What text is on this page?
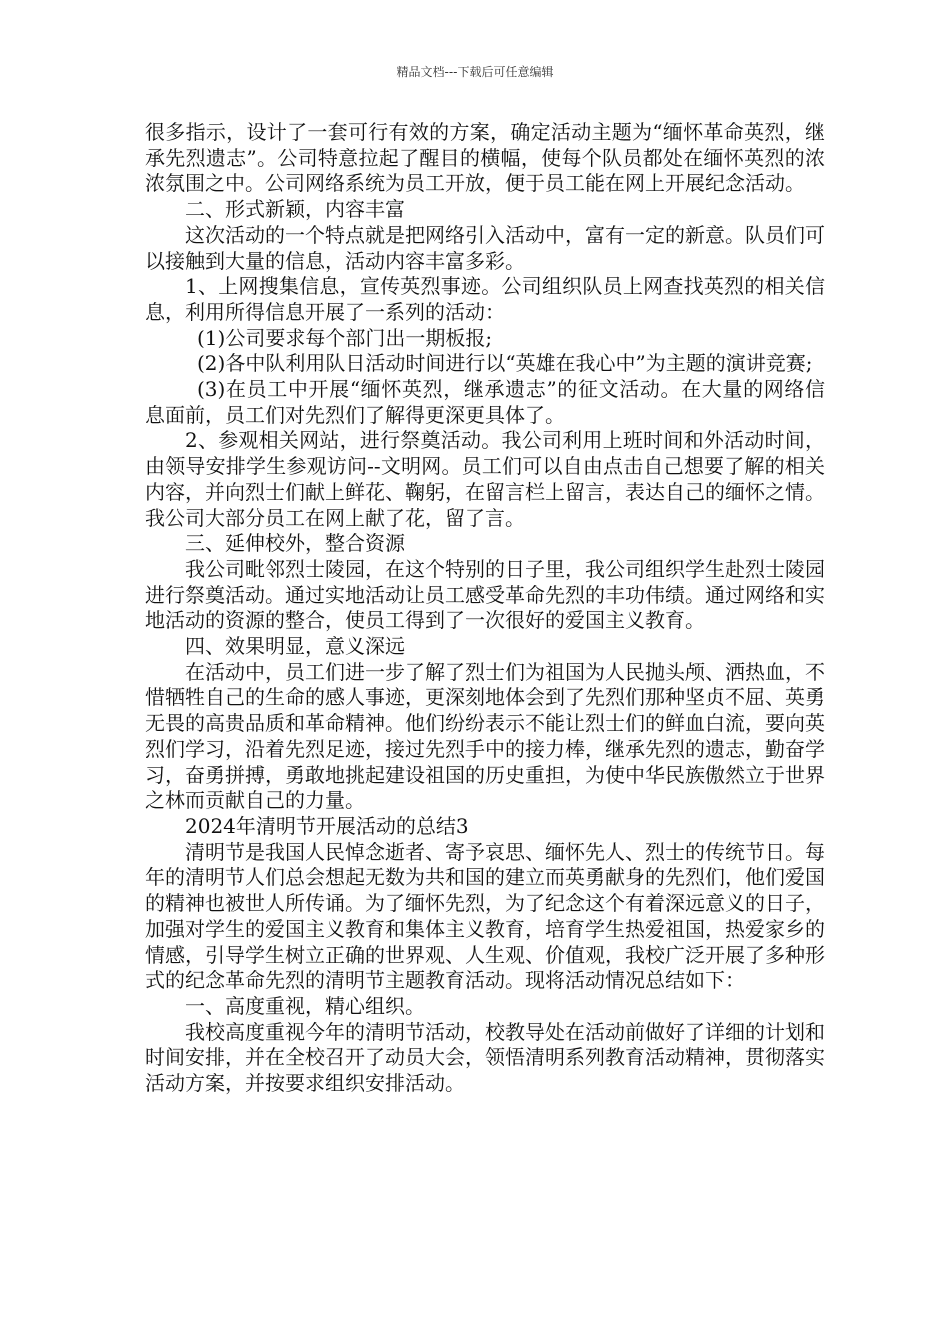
精品文档---下载后可任意编辑

很多指示，设计了一套可行有效的方案，确定活动主题为“缅怀革命英烈，继承先烈遗志”。公司特意拉起了醒目的横幅，使每个队员都处在缅怀英烈的浓浓氛围之中。公司网络系统为员工开放，便于员工能在网上开展纪念活动。

二、形式新颖，内容丰富

这次活动的一个特点就是把网络引入活动中，富有一定的新意。队员们可以接触到大量的信息，活动内容丰富多彩。

1、上网搜集信息，宣传英烈事迹。公司组织队员上网查找英烈的相关信息，利用所得信息开展了一系列的活动：

(1)公司要求每个部门出一期板报;

(2)各中队利用队日活动时间进行以“英雄在我心中”为主题的演讲竞赛;

(3)在员工中开展“缅怀英烈，继承遗志”的征文活动。在大量的网络信息面前，员工们对先烈们了解得更深更具体了。

2、参观相关网站，进行祭奠活动。我公司利用上班时间和外活动时间，由领导安排学生参观访问--文明网。员工们可以自由点击自己想要了解的相关内容，并向烈士们献上鲜花、鞠躬，在留言栏上留言，表达自己的缅怀之情。我公司大部分员工在网上献了花，留了言。

三、延伸校外，整合资源

我公司毗邻烈士陵园，在这个特别的日子里，我公司组织学生赴烈士陵园进行祭奠活动。通过实地活动让员工感受革命先烈的丰功伟绩。通过网络和实地活动的资源的整合，使员工得到了一次很好的爱国主义教育。

四、效果明显，意义深远

在活动中，员工们进一步了解了烈士们为祖国为人民抛头颅、洒热血，不惜牺牲自己的生命的感人事迹，更深刻地体会到了先烈们那种坚贞不屈、英勇无畏的高贵品质和革命精神。他们纷纷表示不能让烈士们的鲜血白流，要向英烈们学习，沿着先烈足迹，接过先烈手中的接力棒，继承先烈的遗志，勤奋学习，奋勇拼搏，勇敢地挑起建设祖国的历史重担，为使中华民族傲然立于世界之林而贡献自己的力量。

2024年清明节开展活动的总结3

清明节是我国人民悼念逝者、寄予哀思、缅怀先人、烈士的传统节日。每年的清明节人们总会想起无数为共和国的建立而英勇献身的先烈们，他们爱国的精神也被世人所传诵。为了缅怀先烈，为了纪念这个有着深远意义的日子，加强对学生的爱国主义教育和集体主义教育，培育学生热爱祖国，热爱家乡的情感，引导学生树立正确的世界观、人生观、价值观，我校广泛开展了多种形式的纪念革命先烈的清明节主题教育活动。现将活动情况总结如下：

一、高度重视，精心组织。

我校高度重视今年的清明节活动，校教导处在活动前做好了详细的计划和时间安排，并在全校召开了动员大会，领悟清明系列教育活动精神，贯彻落实活动方案，并按要求组织安排活动。
